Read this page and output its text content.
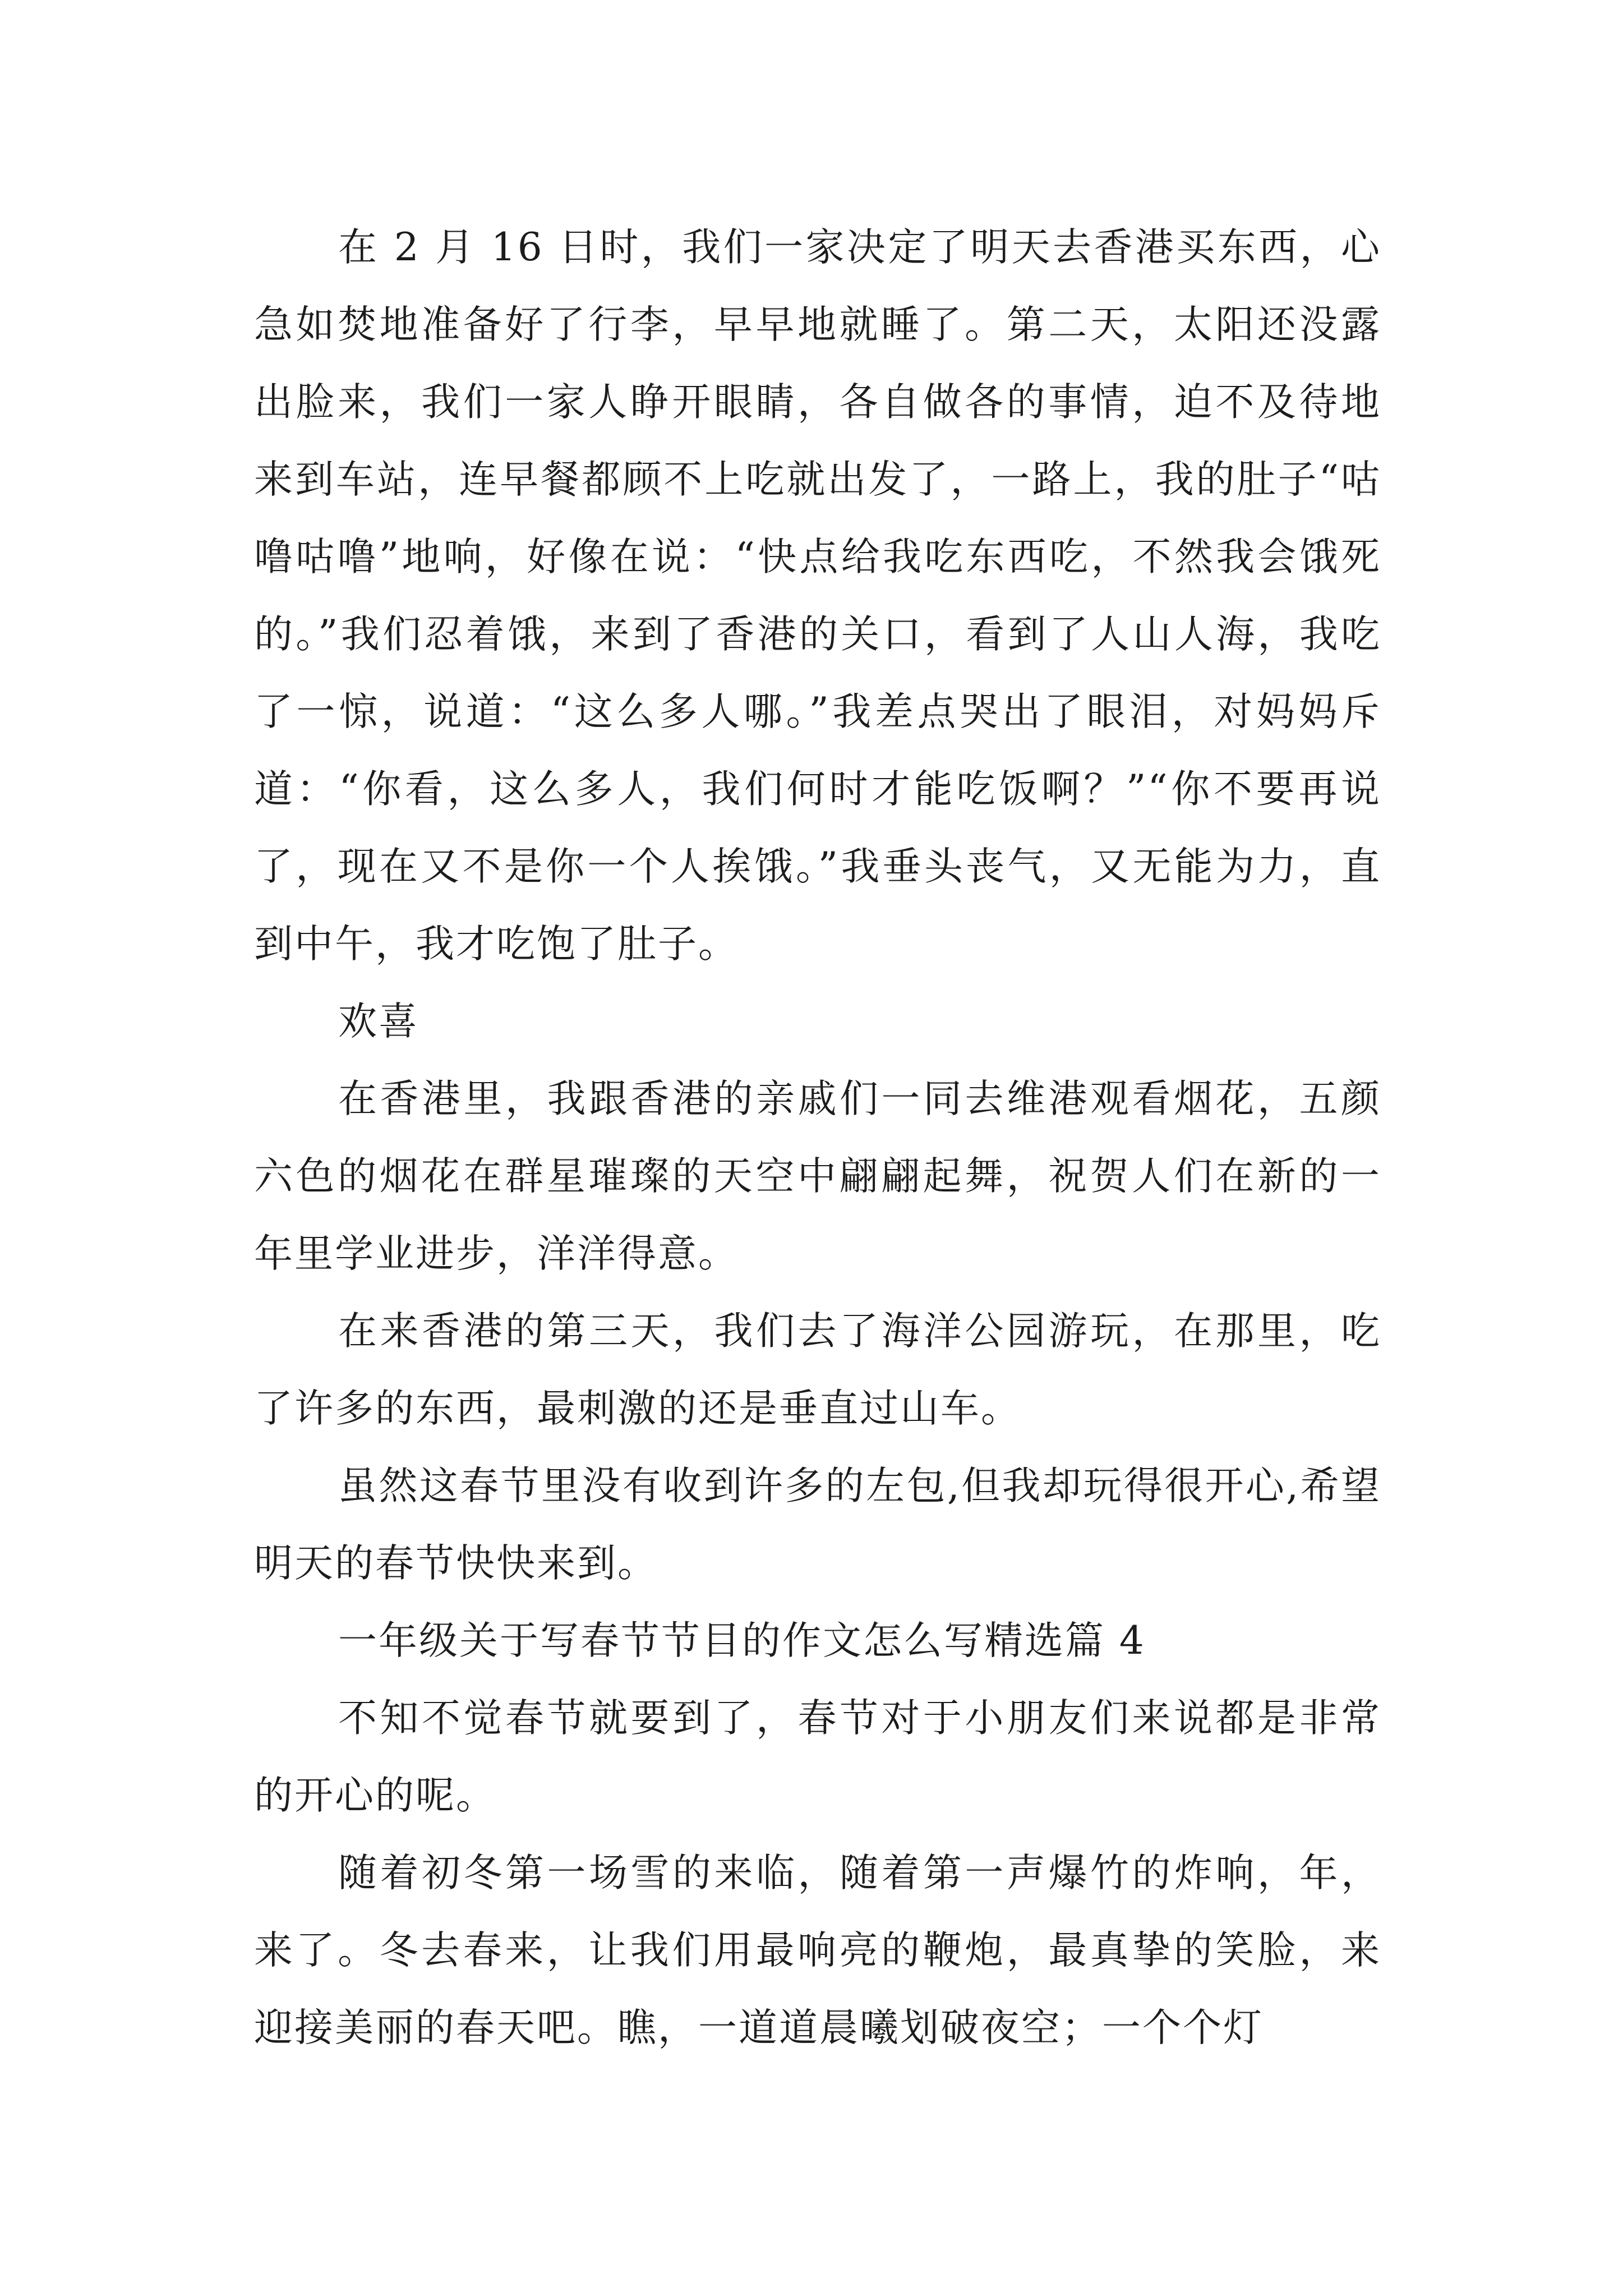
在 2 月 16 日时，我们一家决定了明天去香港买东西，心急如焚地准备好了行李，早早地就睡了。第二天，太阳还没露出脸来，我们一家人睁开眼睛，各自做各的事情，迫不及待地来到车站，连早餐都顾不上吃就出发了，一路上，我的肚子“咕噜咕噜”地响，好像在说：“快点给我吃东西吃，不然我会饿死的。”我们忍着饿，来到了香港的关口，看到了人山人海，我吃了一惊，说道：“这么多人哪。”我差点哭出了眼泪，对妈妈斥道：“你看，这么多人，我们何时才能吃饭啊？”“你不要再说了，现在又不是你一个人挨饿。”我垂头丧气，又无能为力，直到中午，我才吃饱了肚子。

欢喜

在香港里，我跟香港的亲戚们一同去维港观看烟花，五颜六色的烟花在群星璀璨的天空中翩翩起舞，祝贺人们在新的一年里学业进步，洋洋得意。

在来香港的第三天，我们去了海洋公园游玩，在那里，吃了许多的东西，最刺激的还是垂直过山车。

虽然这春节里没有收到许多的左包,但我却玩得很开心,希望明天的春节快快来到。

一年级关于写春节节目的作文怎么写精选篇 4

不知不觉春节就要到了，春节对于小朋友们来说都是非常的开心的呢。

随着初冬第一场雪的来临，随着第一声爆竹的炸响，年，来了。冬去春来，让我们用最响亮的鞭炮，最真挚的笑脸，来迎接美丽的春天吧。瞧，一道道晨曦划破夜空；一个个灯
